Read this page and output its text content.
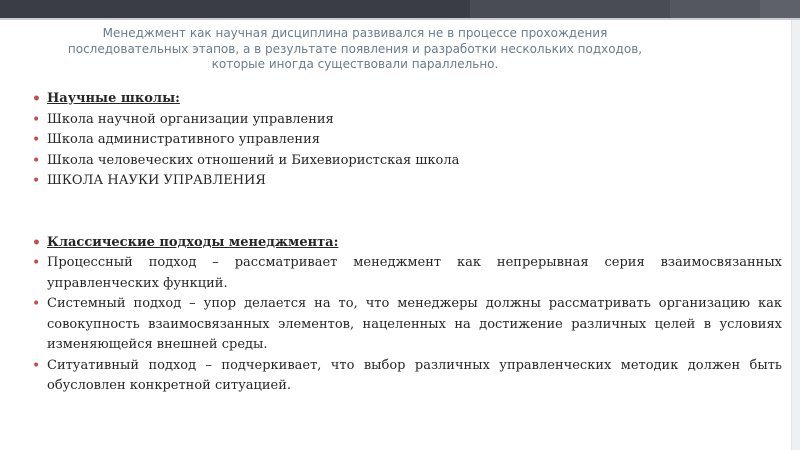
Менеджмент как научная дисциплина развивался не в процессе прохождения
последовательных этапов, а в результате появления и разработки нескольких подходов,
которые иногда существовали параллельно.
• Научные школы:
• Школа научной организации управления
• Школа административного управления
• Школа человеческих отношений и Бихевиористская школа
• ШКОЛА НАУКИ УПРАВЛЕНИЯ
• Классические подходы менеджмента:
• Процессный подход – рассматривает менеджмент как непрерывная серия взаимосвязанных управленческих функций.
• Системный подход – упор делается на то, что менеджеры должны рассматривать организацию как совокупность взаимосвязанных элементов, нацеленных на достижение различных целей в условиях изменяющейся внешней среды.
• Ситуативный подход – подчеркивает, что выбор различных управленческих методик должен быть обусловлен конкретной ситуацией.
